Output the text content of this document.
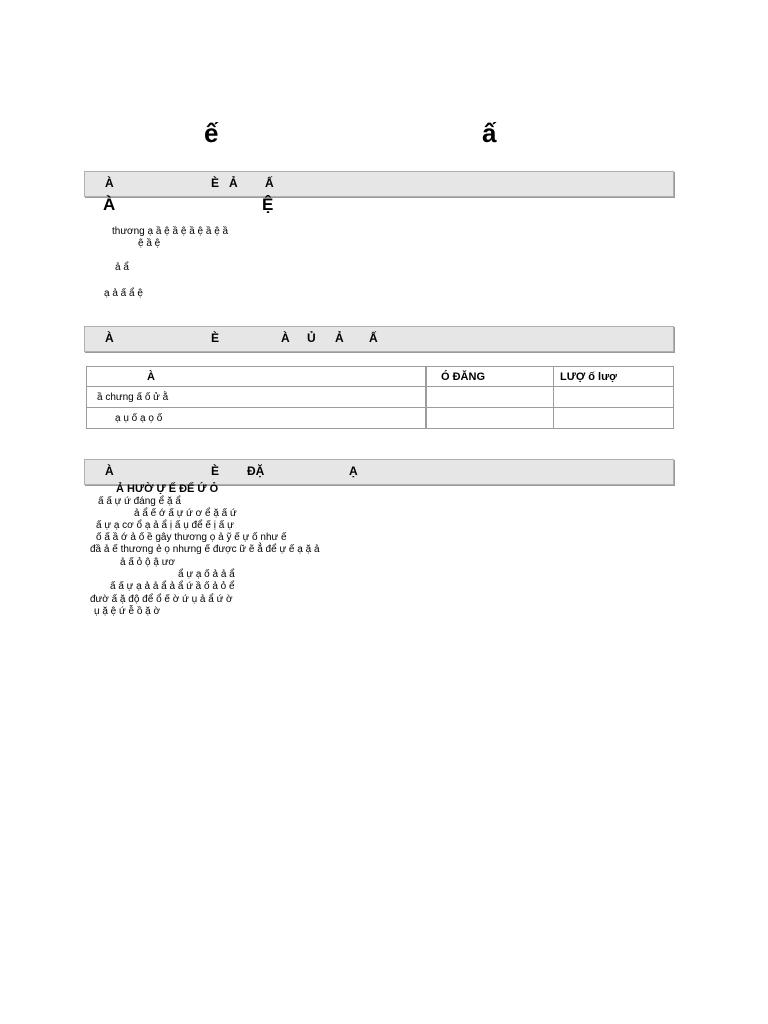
ế	ấ
À	È Ả Ấ
À	Ệ
thương ạ ầ ệ ầ ệ ầ ệ ầ ệ ầ
ệ ầ ệ
ả ẩ
ạ ả ấ ẩ ệ
À	È	À Ủ Ả Ấ
À	Ó ĐĂNG	LƯỢ ố lượ
ầ chưng ấ ố ử ằ		
ạ ụ ố ạ ọ ố		
À	È ĐẶ	Ạ
Ả HƯỜ Ự Ế ĐẾ Ứ Ỏ
ấ ấ ự ứ đáng ể ặ ẩ
ả ẩ ế ớ ấ ự ứ ơ ể ặ ấ ứ
ấ ự ạ cơ ổ ạ ả ẩ ị ấ ụ để ế ị ấ ự
ố ấ ầ ớ ả ố ề gây thương ọ ả ỹ ế ự ố như ế
đầ ả ế thương ẻ ọ nhưng ế được ữ ẽ ẳ để ự ế ạ ặ ả
ả ấ ỏ ộ ậ ươ
ẩ ự ạ ố ả ả ẩ
ấ ấ ự ạ ả ả ẩ ả ẩ ứ ầ ố ả ỏ ể
đườ ấ ặ độ để ổ ế ờ ứ ụ ả ẩ ứ ờ
ụ ặ ệ ứ ễ ồ ặ ờ
